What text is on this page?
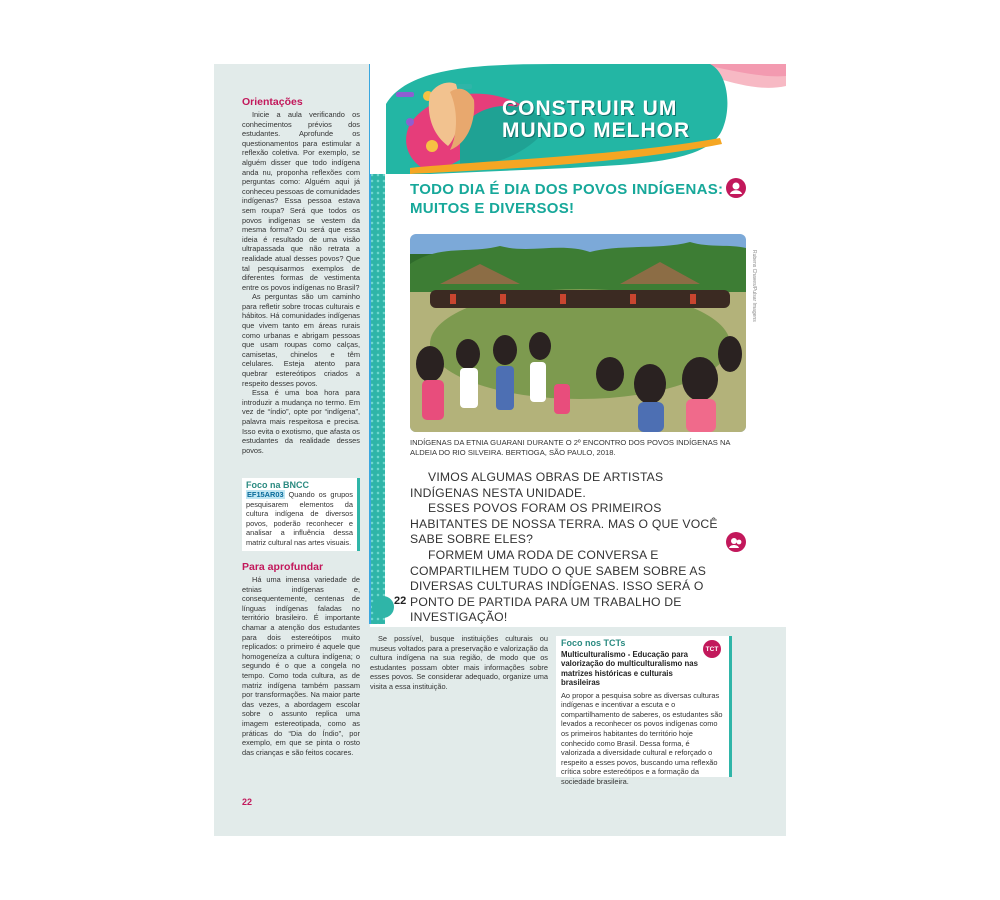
CONSTRUIR UM
MUNDO MELHOR
TODO DIA É DIA DOS POVOS INDÍGENAS: MUITOS E DIVERSOS!
Rubens Chaves/Pulsar Imagens
INDÍGENAS DA ETNIA GUARANI DURANTE O 2º ENCONTRO DOS POVOS INDÍGENAS NA ALDEIA DO RIO SILVEIRA. BERTIOGA, SÃO PAULO, 2018.

VIMOS ALGUMAS OBRAS DE ARTISTAS INDÍGENAS NESTA UNIDADE.

ESSES POVOS FORAM OS PRIMEIROS HABITANTES DE NOSSA TERRA. MAS O QUE VOCÊ SABE SOBRE ELES?

FORMEM UMA RODA DE CONVERSA E COMPARTILHEM TUDO O QUE SABEM SOBRE AS DIVERSAS CULTURAS INDÍGENAS. ISSO SERÁ O PONTO DE PARTIDA PARA UM TRABALHO DE INVESTIGAÇÃO!

22
Orientações

Inicie a aula verificando os conhecimentos prévios dos estudantes. Aprofunde os questionamentos para estimular a reflexão coletiva. Por exemplo, se alguém disser que todo indígena anda nu, proponha reflexões com perguntas como: Alguém aqui já conheceu pessoas de comunidades indígenas? Essa pessoa estava sem roupa? Será que todos os povos indígenas se vestem da mesma forma? Ou será que essa ideia é resultado de uma visão ultrapassada que não retrata a realidade atual desses povos? Que tal pesquisarmos exemplos de diferentes formas de vestimenta entre os povos indígenas no Brasil?

As perguntas são um caminho para refletir sobre trocas culturais e hábitos. Há comunidades indígenas que vivem tanto em áreas rurais como urbanas e abrigam pessoas que usam roupas como calças, camisetas, chinelos e têm celulares. Esteja atento para quebrar estereótipos criados a respeito desses povos.

Essa é uma boa hora para introduzir a mudança no termo. Em vez de “índio”, opte por “indígena”, palavra mais respeitosa e precisa. Isso evita o exotismo, que afasta os estudantes da realidade desses povos.

Foco na BNCC
EF15AR03 Quando os grupos pesquisarem elementos da cultura indígena de diversos povos, poderão reconhecer e analisar a influência dessa matriz cultural nas artes visuais.
Para aprofundar

Há uma imensa variedade de etnias indígenas e, consequentemente, centenas de línguas indígenas faladas no território brasileiro. É importante chamar a atenção dos estudantes para dois estereótipos muito replicados: o primeiro é aquele que homogeneíza a cultura indígena; o segundo é o que a congela no tempo. Como toda cultura, as de matriz indígena também passam por transformações. Na maior parte das vezes, a abordagem escolar sobre o assunto replica uma imagem estereotipada, como as práticas do “Dia do Índio”, por exemplo, em que se pinta o rosto das crianças e são feitos cocares.

Se possível, busque instituições culturais ou museus voltados para a preservação e valorização da cultura indígena na sua região, de modo que os estudantes possam obter mais informações sobre esses povos. Se considerar adequado, organize uma visita a essa instituição.
Foco nos TCTs
TCT
Multiculturalismo - Educação para valorização do multiculturalismo nas matrizes históricas e culturais brasileiras
Ao propor a pesquisa sobre as diversas culturas indígenas e incentivar a escuta e o compartilhamento de saberes, os estudantes são levados a reconhecer os povos indígenas como os primeiros habitantes do território hoje conhecido como Brasil. Dessa forma, é valorizada a diversidade cultural e reforçado o respeito a esses povos, buscando uma reflexão crítica sobre estereótipos e a formação da sociedade brasileira.
22
